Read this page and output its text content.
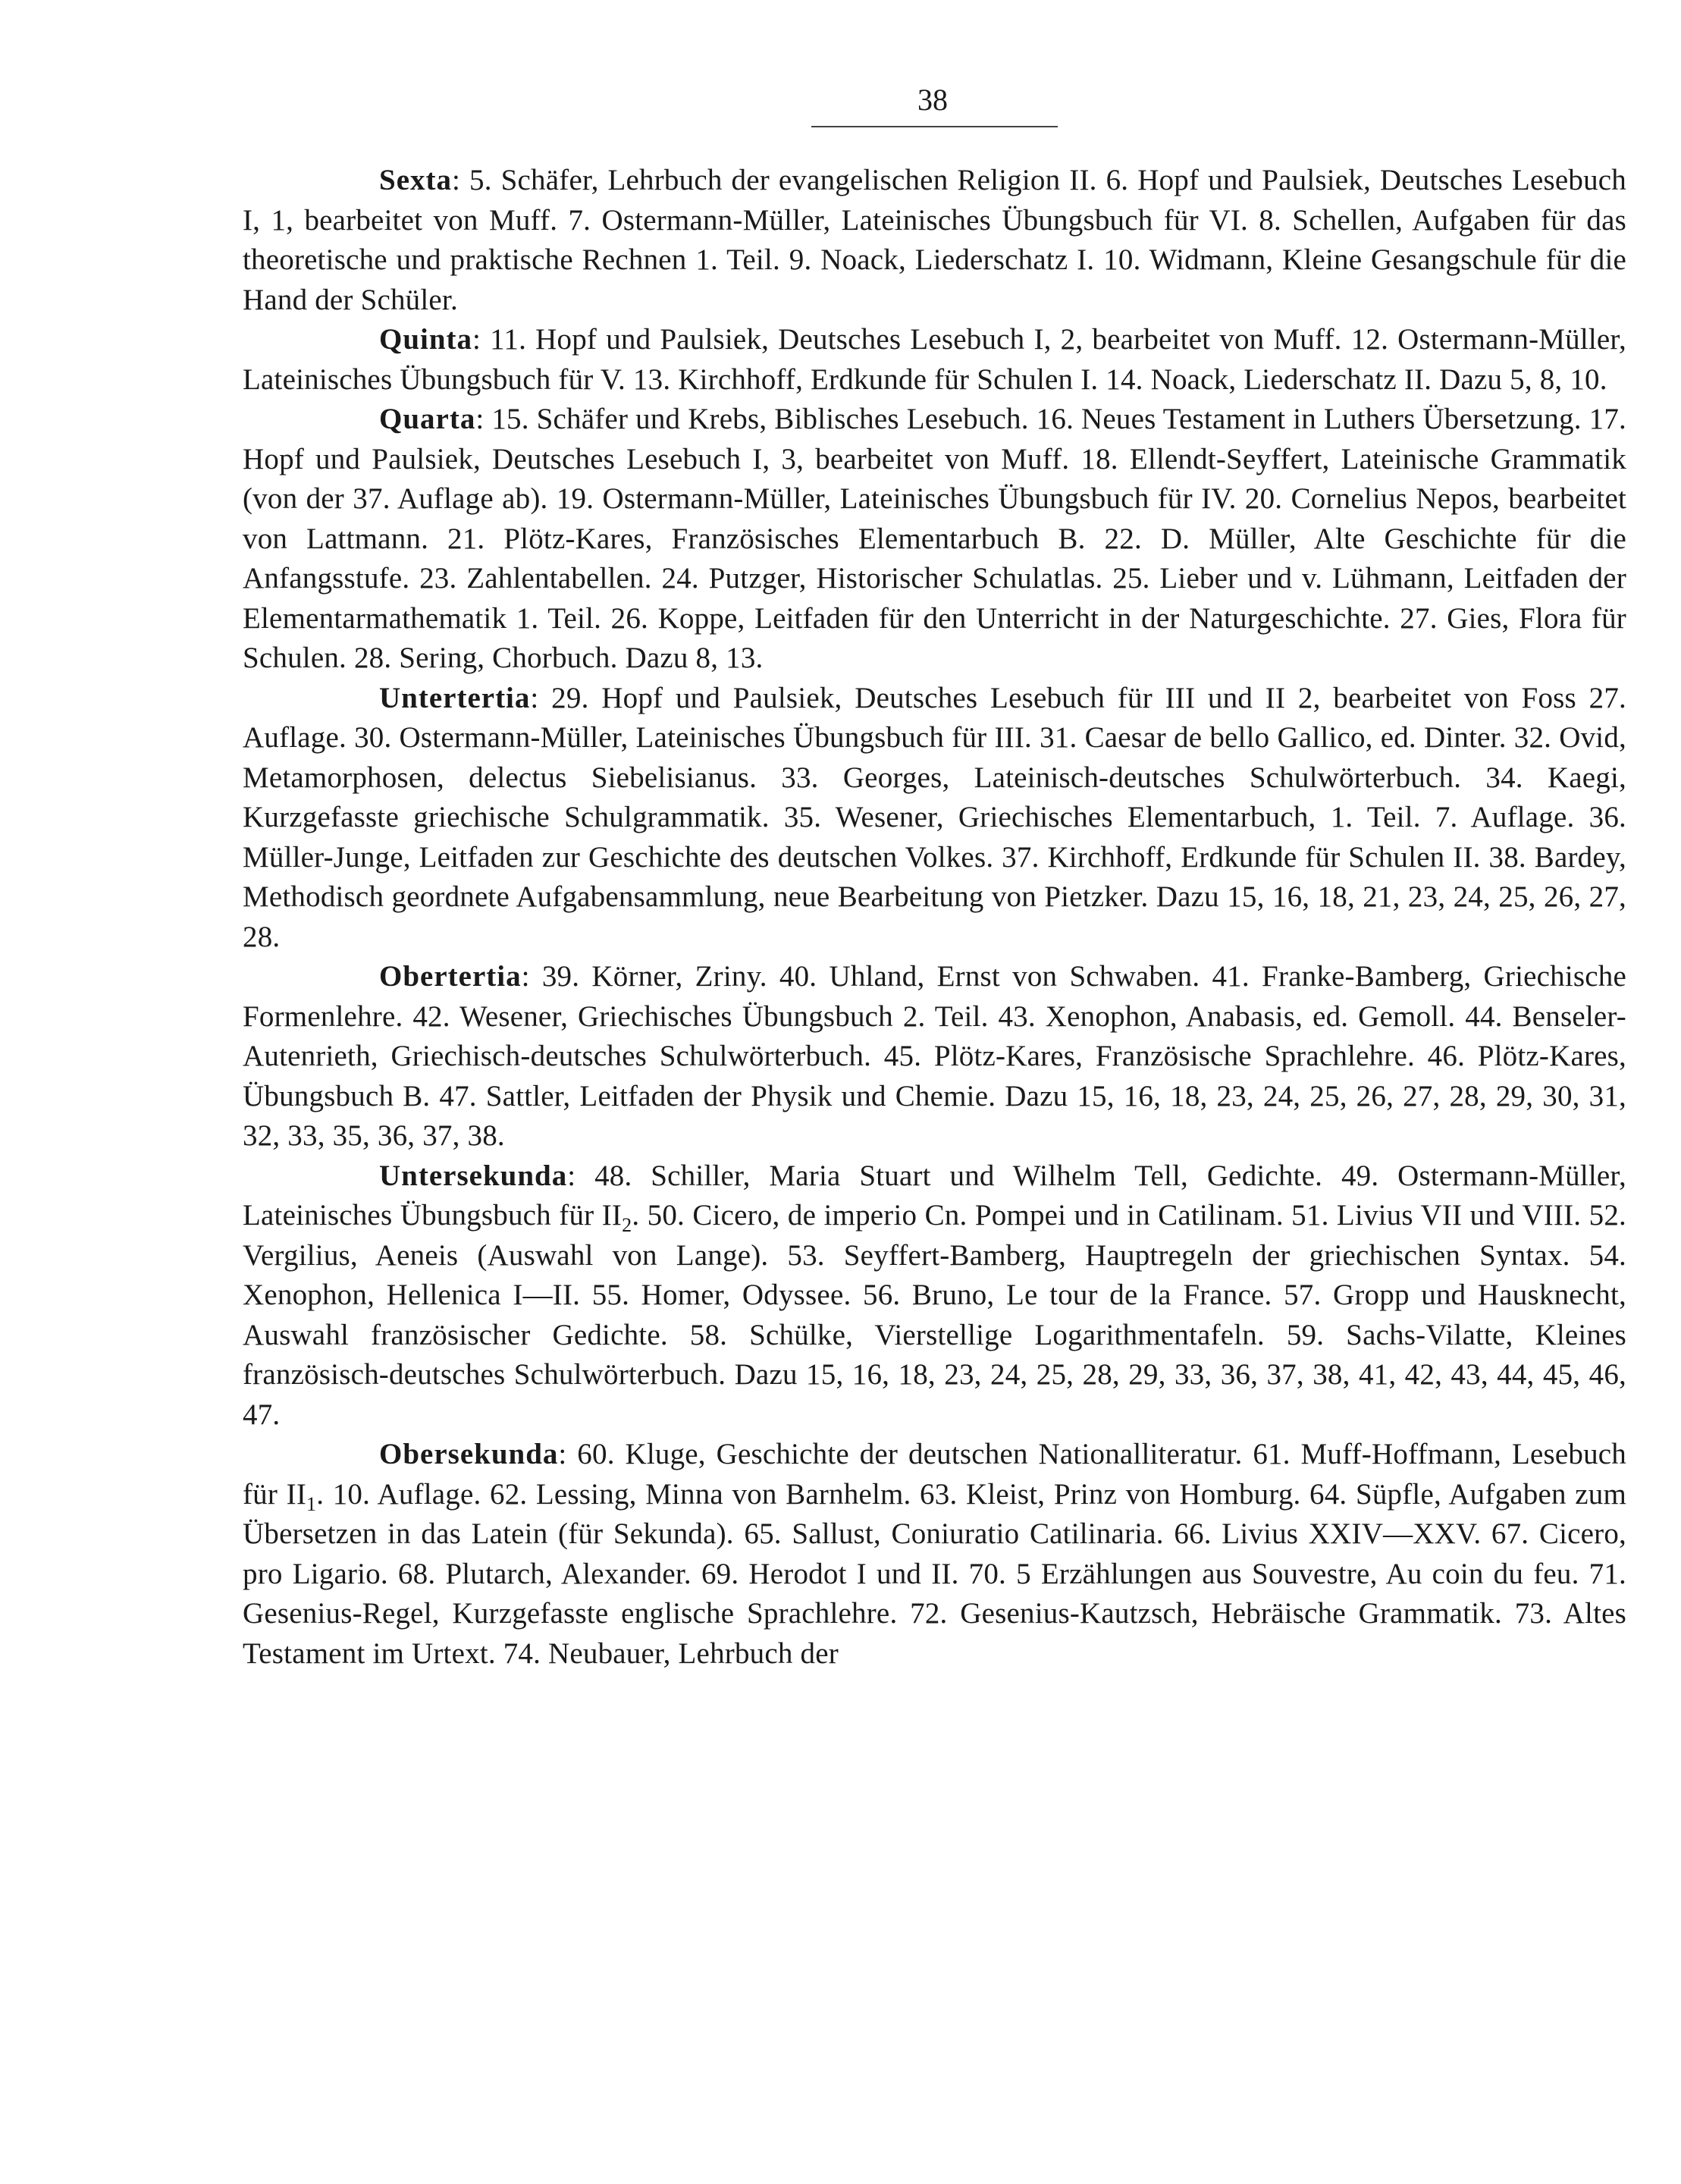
38

Sexta: 5. Schäfer, Lehrbuch der evangelischen Religion II. 6. Hopf und Paulsiek, Deutsches Lesebuch I, 1, bearbeitet von Muff. 7. Ostermann-Müller, Lateinisches Übungsbuch für VI. 8. Schellen, Aufgaben für das theoretische und praktische Rechnen 1. Teil. 9. Noack, Liederschatz I. 10. Widmann, Kleine Gesangschule für die Hand der Schüler.

Quinta: 11. Hopf und Paulsiek, Deutsches Lesebuch I, 2, bearbeitet von Muff. 12. Ostermann-Müller, Lateinisches Übungsbuch für V. 13. Kirchhoff, Erdkunde für Schulen I. 14. Noack, Liederschatz II. Dazu 5, 8, 10.

Quarta: 15. Schäfer und Krebs, Biblisches Lesebuch. 16. Neues Testament in Luthers Übersetzung. 17. Hopf und Paulsiek, Deutsches Lesebuch I, 3, bearbeitet von Muff. 18. Ellendt-Seyffert, Lateinische Grammatik (von der 37. Auflage ab). 19. Ostermann-Müller, Lateinisches Übungsbuch für IV. 20. Cornelius Nepos, bearbeitet von Lattmann. 21. Plötz-Kares, Französisches Elementarbuch B. 22. D. Müller, Alte Geschichte für die Anfangsstufe. 23. Zahlentabellen. 24. Putzger, Historischer Schulatlas. 25. Lieber und v. Lühmann, Leitfaden der Elementarmathematik 1. Teil. 26. Koppe, Leitfaden für den Unterricht in der Naturgeschichte. 27. Gies, Flora für Schulen. 28. Sering, Chorbuch. Dazu 8, 13.

Untertertia: 29. Hopf und Paulsiek, Deutsches Lesebuch für III und II 2, bearbeitet von Foss 27. Auflage. 30. Ostermann-Müller, Lateinisches Übungsbuch für III. 31. Caesar de bello Gallico, ed. Dinter. 32. Ovid, Metamorphosen, delectus Siebelisianus. 33. Georges, Lateinisch-deutsches Schulwörterbuch. 34. Kaegi, Kurzgefasste griechische Schulgrammatik. 35. Wesener, Griechisches Elementarbuch, 1. Teil. 7. Auflage. 36. Müller-Junge, Leitfaden zur Geschichte des deutschen Volkes. 37. Kirchhoff, Erdkunde für Schulen II. 38. Bardey, Methodisch geordnete Aufgabensammlung, neue Bearbeitung von Pietzker. Dazu 15, 16, 18, 21, 23, 24, 25, 26, 27, 28.

Obertertia: 39. Körner, Zriny. 40. Uhland, Ernst von Schwaben. 41. Franke-Bamberg, Griechische Formenlehre. 42. Wesener, Griechisches Übungsbuch 2. Teil. 43. Xenophon, Anabasis, ed. Gemoll. 44. Benseler-Autenrieth, Griechisch-deutsches Schulwörterbuch. 45. Plötz-Kares, Französische Sprachlehre. 46. Plötz-Kares, Übungsbuch B. 47. Sattler, Leitfaden der Physik und Chemie. Dazu 15, 16, 18, 23, 24, 25, 26, 27, 28, 29, 30, 31, 32, 33, 35, 36, 37, 38.

Untersekunda: 48. Schiller, Maria Stuart und Wilhelm Tell, Gedichte. 49. Ostermann-Müller, Lateinisches Übungsbuch für $II_2$. 50. Cicero, de imperio Cn. Pompei und in Catilinam. 51. Livius VII und VIII. 52. Vergilius, Aeneis (Auswahl von Lange). 53. Seyffert-Bamberg, Hauptregeln der griechischen Syntax. 54. Xenophon, Hellenica I—II. 55. Homer, Odyssee. 56. Bruno, Le tour de la France. 57. Gropp und Hausknecht, Auswahl französischer Gedichte. 58. Schülke, Vierstellige Logarithmentafeln. 59. Sachs-Vilatte, Kleines französisch-deutsches Schulwörterbuch. Dazu 15, 16, 18, 23, 24, 25, 28, 29, 33, 36, 37, 38, 41, 42, 43, 44, 45, 46, 47.

Obersekunda: 60. Kluge, Geschichte der deutschen Nationalliteratur. 61. Muff-Hoffmann, Lesebuch für $II_1$. 10. Auflage. 62. Lessing, Minna von Barnhelm. 63. Kleist, Prinz von Homburg. 64. Süpfle, Aufgaben zum Übersetzen in das Latein (für Sekunda). 65. Sallust, Coniuratio Catilinaria. 66. Livius XXIV—XXV. 67. Cicero, pro Ligario. 68. Plutarch, Alexander. 69. Herodot I und II. 70. 5 Erzählungen aus Souvestre, Au coin du feu. 71. Gesenius-Regel, Kurzgefasste englische Sprachlehre. 72. Gesenius-Kautzsch, Hebräische Grammatik. 73. Altes Testament im Urtext. 74. Neubauer, Lehrbuch der
